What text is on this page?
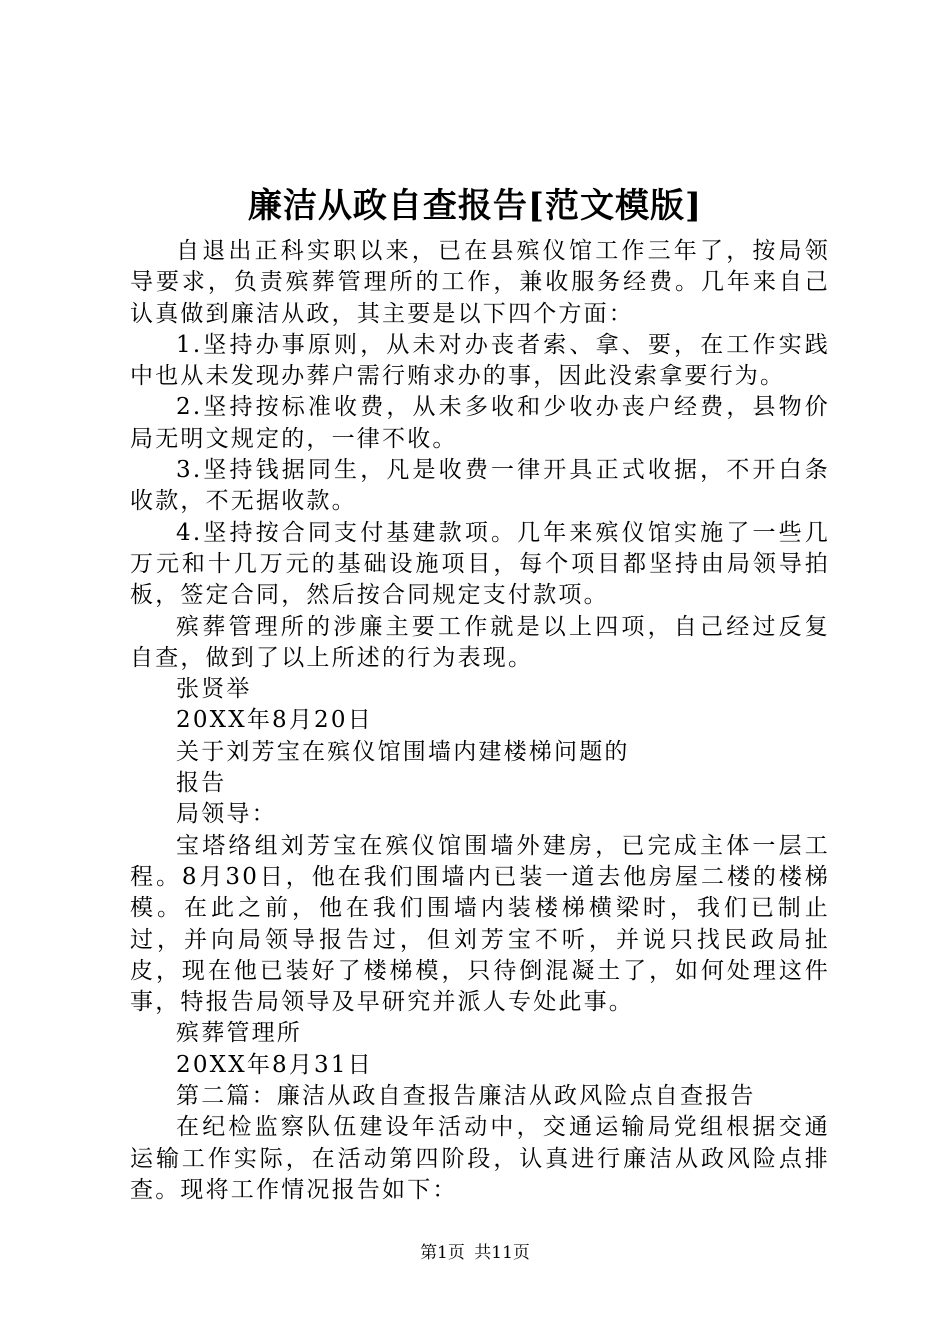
廉洁从政自查报告[范文模版]

自退出正科实职以来，已在县殡仪馆工作三年了，按局领导要求，负责殡葬管理所的工作，兼收服务经费。几年来自己认真做到廉洁从政，其主要是以下四个方面：

1.坚持办事原则，从未对办丧者索、拿、要，在工作实践中也从未发现办葬户需行贿求办的事，因此没索拿要行为。

2.坚持按标准收费，从未多收和少收办丧户经费，县物价局无明文规定的，一律不收。

3.坚持钱据同生，凡是收费一律开具正式收据，不开白条收款，不无据收款。

4.坚持按合同支付基建款项。几年来殡仪馆实施了一些几万元和十几万元的基础设施项目，每个项目都坚持由局领导拍板，签定合同，然后按合同规定支付款项。

殡葬管理所的涉廉主要工作就是以上四项，自己经过反复自查，做到了以上所述的行为表现。

张贤举

20XX年8月20日

关于刘芳宝在殡仪馆围墙内建楼梯问题的

报告

局领导：

宝塔络组刘芳宝在殡仪馆围墙外建房，已完成主体一层工程。8月30日，他在我们围墙内已装一道去他房屋二楼的楼梯模。在此之前，他在我们围墙内装楼梯横梁时，我们已制止过，并向局领导报告过，但刘芳宝不听，并说只找民政局扯皮，现在他已装好了楼梯模，只待倒混凝土了，如何处理这件事，特报告局领导及早研究并派人专处此事。

殡葬管理所

20XX年8月31日

第二篇：廉洁从政自查报告廉洁从政风险点自查报告

在纪检监察队伍建设年活动中，交通运输局党组根据交通运输工作实际，在活动第四阶段，认真进行廉洁从政风险点排查。现将工作情况报告如下：

第1页 共11页
